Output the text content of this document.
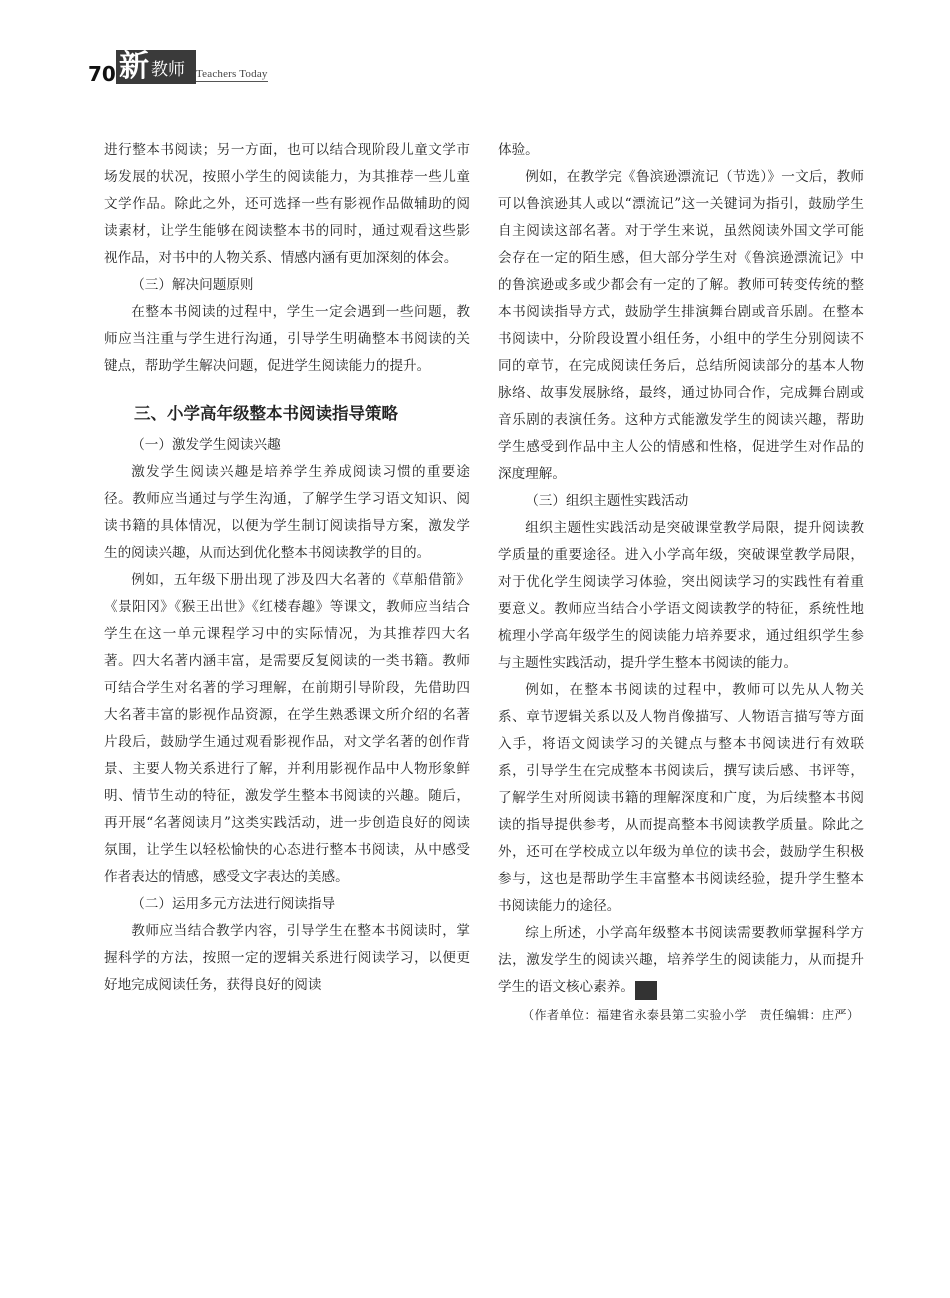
70 新 教师 Teachers Today

进行整本书阅读；另一方面，也可以结合现阶段儿童文学市场发展的状况，按照小学生的阅读能力，为其推荐一些儿童文学作品。除此之外，还可选择一些有影视作品做辅助的阅读素材，让学生能够在阅读整本书的同时，通过观看这些影视作品，对书中的人物关系、情感内涵有更加深刻的体会。

（三）解决问题原则

在整本书阅读的过程中，学生一定会遇到一些问题，教师应当注重与学生进行沟通，引导学生明确整本书阅读的关键点，帮助学生解决问题，促进学生阅读能力的提升。

三、小学高年级整本书阅读指导策略

（一）激发学生阅读兴趣

激发学生阅读兴趣是培养学生养成阅读习惯的重要途径。教师应当通过与学生沟通，了解学生学习语文知识、阅读书籍的具体情况，以便为学生制订阅读指导方案，激发学生的阅读兴趣，从而达到优化整本书阅读教学的目的。

例如，五年级下册出现了涉及四大名著的《草船借箭》《景阳冈》《猴王出世》《红楼春趣》等课文，教师应当结合学生在这一单元课程学习中的实际情况，为其推荐四大名著。四大名著内涵丰富，是需要反复阅读的一类书籍。教师可结合学生对名著的学习理解，在前期引导阶段，先借助四大名著丰富的影视作品资源，在学生熟悉课文所介绍的名著片段后，鼓励学生通过观看影视作品，对文学名著的创作背景、主要人物关系进行了解，并利用影视作品中人物形象鲜明、情节生动的特征，激发学生整本书阅读的兴趣。随后，再开展“名著阅读月”这类实践活动，进一步创造良好的阅读氛围，让学生以轻松愉快的心态进行整本书阅读，从中感受作者表达的情感，感受文字表达的美感。

（二）运用多元方法进行阅读指导

教师应当结合教学内容，引导学生在整本书阅读时，掌握科学的方法，按照一定的逻辑关系进行阅读学习，以便更好地完成阅读任务，获得良好的阅读

体验。

例如，在教学完《鲁滨逊漂流记（节选）》一文后，教师可以鲁滨逊其人或以“漂流记”这一关键词为指引，鼓励学生自主阅读这部名著。对于学生来说，虽然阅读外国文学可能会存在一定的陌生感，但大部分学生对《鲁滨逊漂流记》中的鲁滨逊或多或少都会有一定的了解。教师可转变传统的整本书阅读指导方式，鼓励学生排演舞台剧或音乐剧。在整本书阅读中，分阶段设置小组任务，小组中的学生分别阅读不同的章节，在完成阅读任务后，总结所阅读部分的基本人物脉络、故事发展脉络，最终，通过协同合作，完成舞台剧或音乐剧的表演任务。这种方式能激发学生的阅读兴趣，帮助学生感受到作品中主人公的情感和性格，促进学生对作品的深度理解。

（三）组织主题性实践活动

组织主题性实践活动是突破课堂教学局限，提升阅读教学质量的重要途径。进入小学高年级，突破课堂教学局限，对于优化学生阅读学习体验，突出阅读学习的实践性有着重要意义。教师应当结合小学语文阅读教学的特征，系统性地梳理小学高年级学生的阅读能力培养要求，通过组织学生参与主题性实践活动，提升学生整本书阅读的能力。

例如，在整本书阅读的过程中，教师可以先从人物关系、章节逻辑关系以及人物肖像描写、人物语言描写等方面入手，将语文阅读学习的关键点与整本书阅读进行有效联系，引导学生在完成整本书阅读后，撰写读后感、书评等，了解学生对所阅读书籍的理解深度和广度，为后续整本书阅读的指导提供参考，从而提高整本书阅读教学质量。除此之外，还可在学校成立以年级为单位的读书会，鼓励学生积极参与，这也是帮助学生丰富整本书阅读经验，提升学生整本书阅读能力的途径。

综上所述，小学高年级整本书阅读需要教师掌握科学方法，激发学生的阅读兴趣，培养学生的阅读能力，从而提升学生的语文核心素养。 新

（作者单位：福建省永泰县第二实验小学　责任编辑：庄严）
